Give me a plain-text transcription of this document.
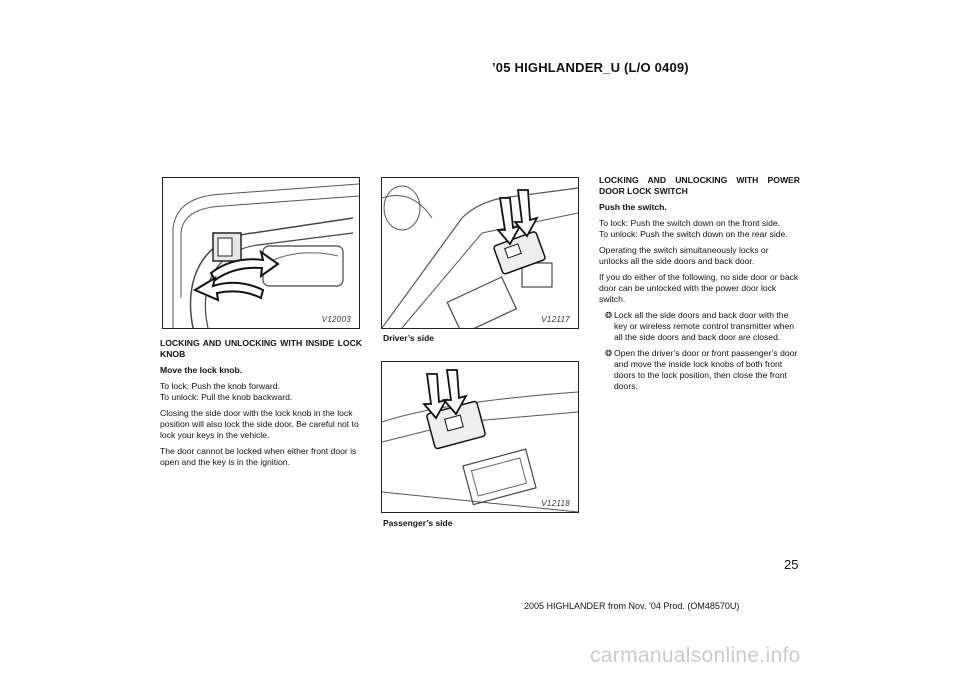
’05 HIGHLANDER_U (L/O 0409)
V12003	V12117
Driver’s side
V12118
Passenger’s side

LOCKING AND UNLOCKING WITH INSIDE LOCK KNOB

Move the lock knob.

To lock: Push the knob forward.
To unlock: Pull the knob backward.

Closing the side door with the lock knob in the lock position will also lock the side door. Be careful not to lock your keys in the vehicle.

The door cannot be locked when either front door is open and the key is in the ignition.

LOCKING AND UNLOCKING WITH POWER DOOR LOCK SWITCH

Push the switch.

To lock: Push the switch down on the front side.
To unlock: Push the switch down on the rear side.

Operating the switch simultaneously locks or unlocks all the side doors and back door.

If you do either of the following, no side door or back door can be unlocked with the power door lock switch.

❂ Lock all the side doors and back door with the key or wireless remote control transmitter when all the side doors and back door are closed.
❂ Open the driver’s door or front passenger’s door and move the inside lock knobs of both front doors to the lock position, then close the front doors.
25
2005 HIGHLANDER from Nov. ’04 Prod. (OM48570U)
carmanualsonline.info
